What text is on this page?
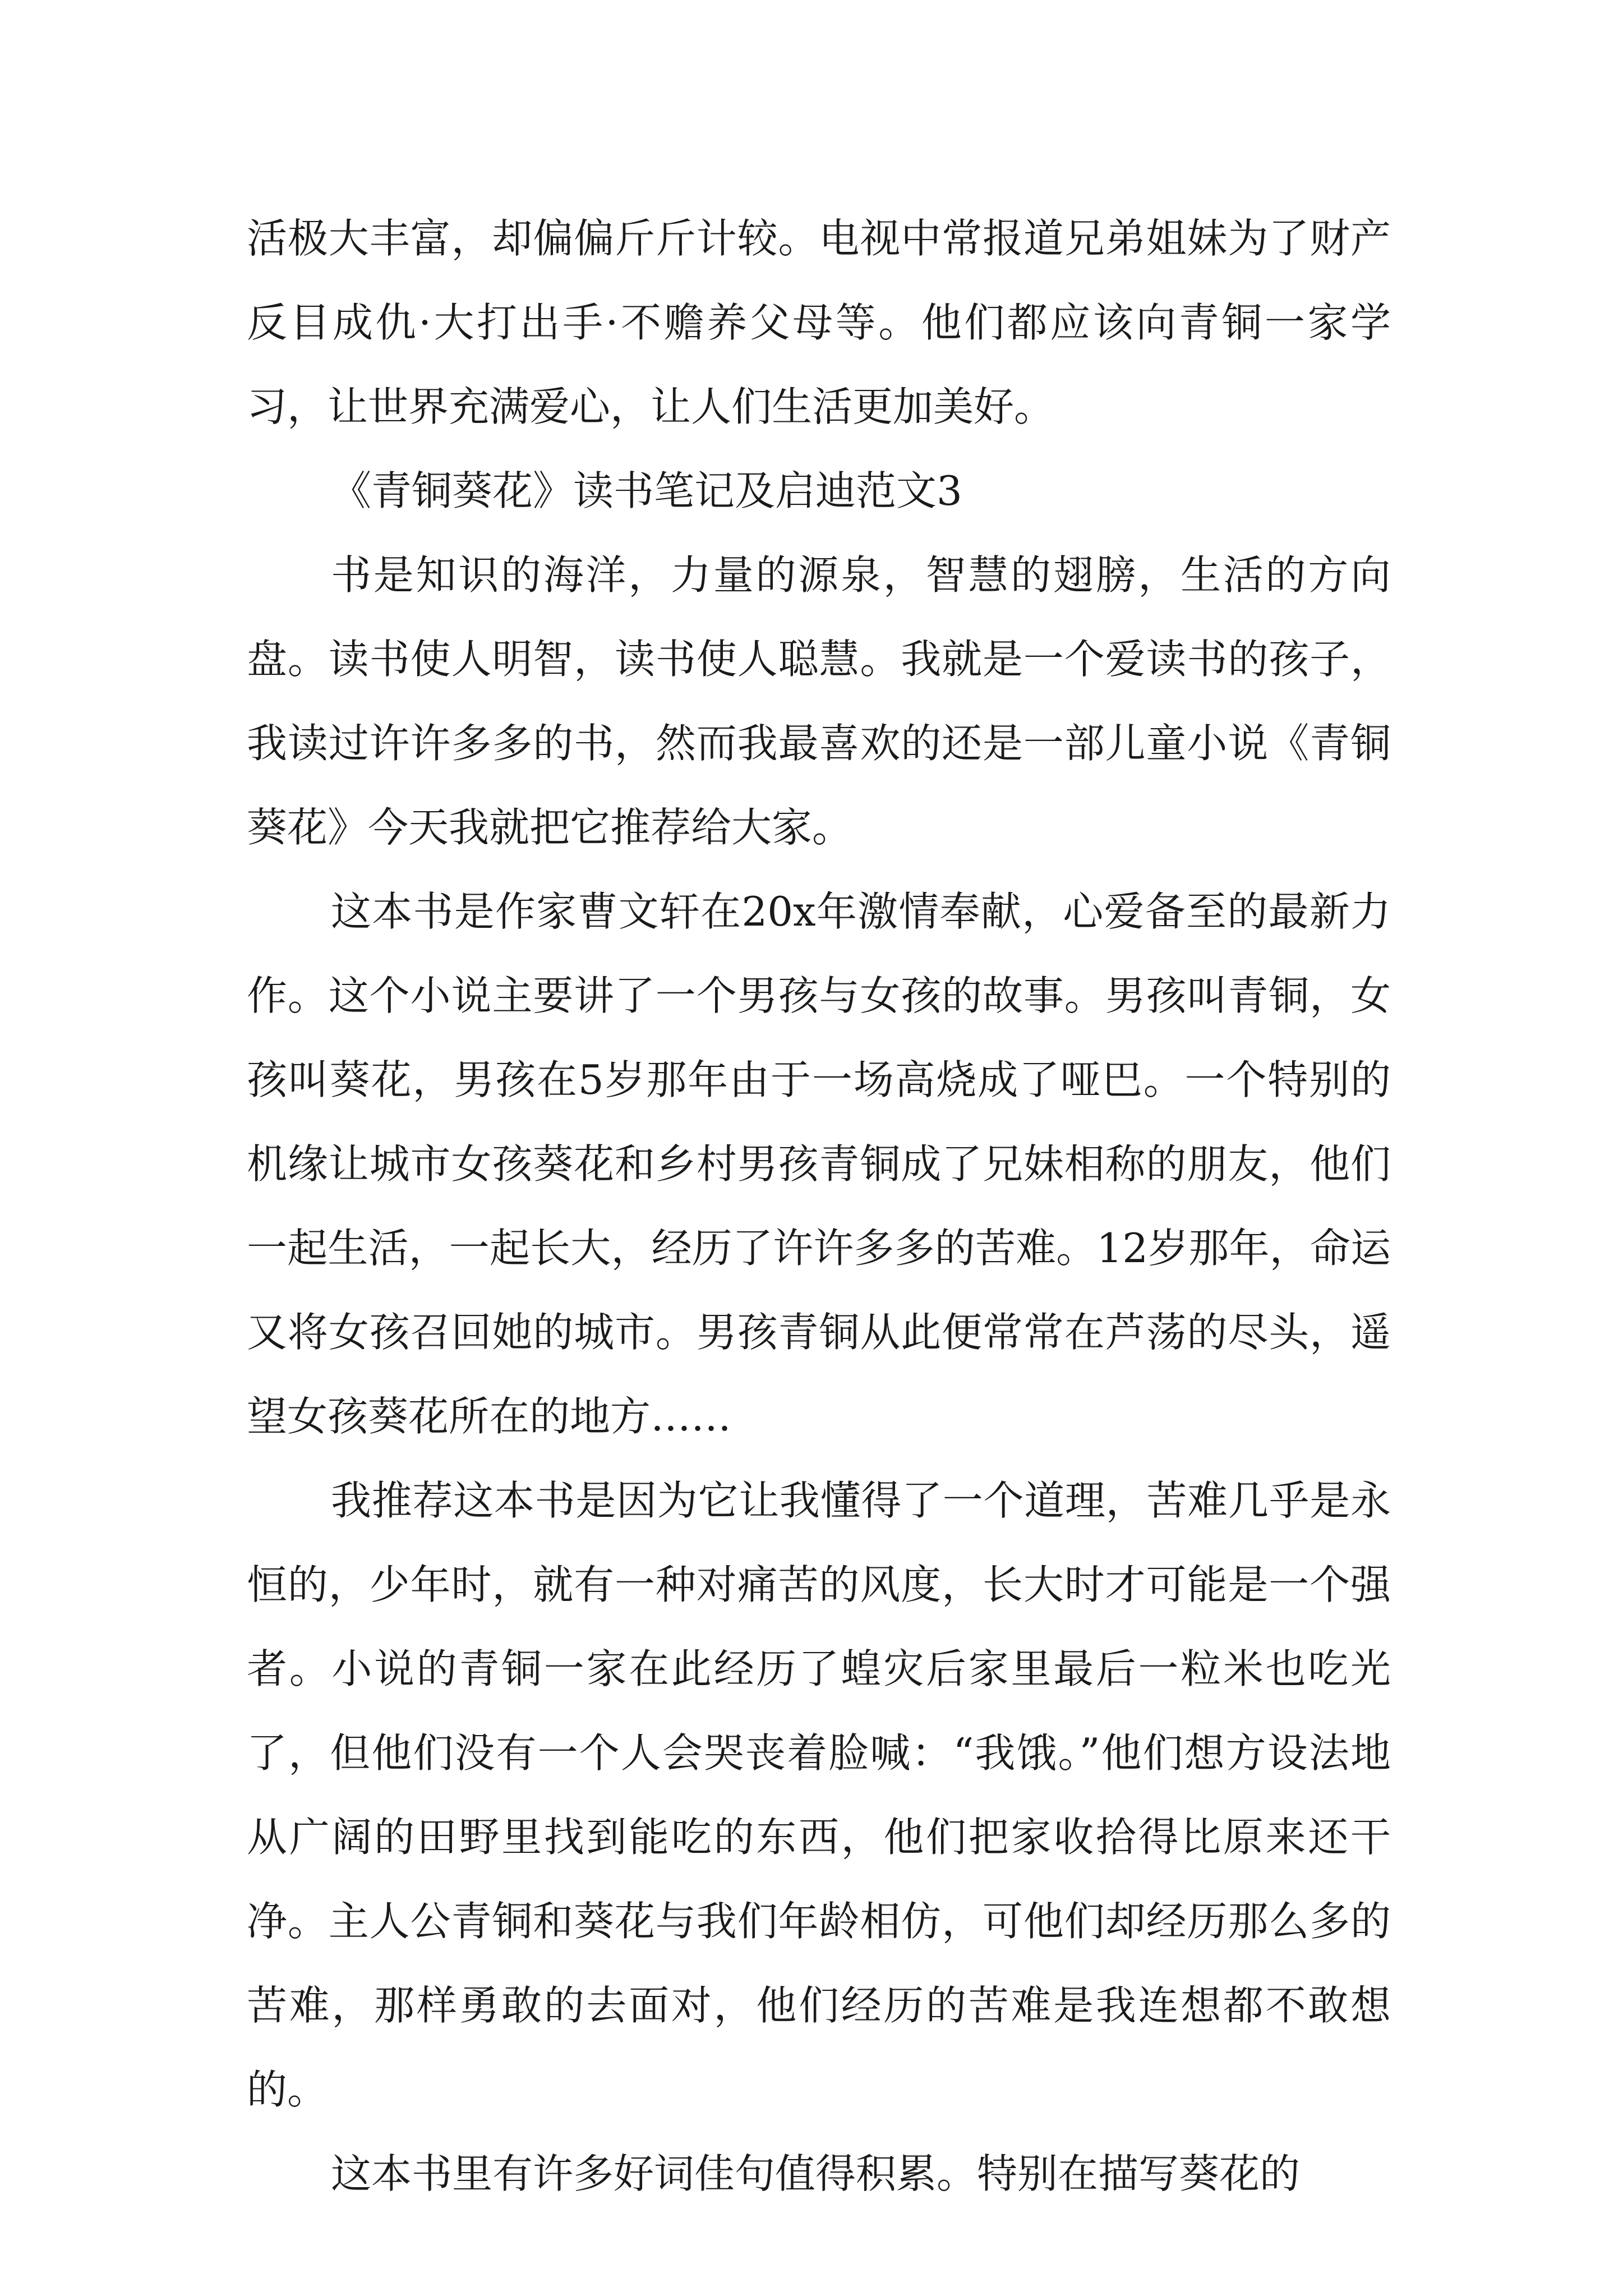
活极大丰富，却偏偏斤斤计较。电视中常报道兄弟姐妹为了财产反目成仇·大打出手·不赡养父母等。他们都应该向青铜一家学习，让世界充满爱心，让人们生活更加美好。

《青铜葵花》读书笔记及启迪范文3

书是知识的海洋，力量的源泉，智慧的翅膀，生活的方向盘。读书使人明智，读书使人聪慧。我就是一个爱读书的孩子，我读过许许多多的书，然而我最喜欢的还是一部儿童小说《青铜葵花》今天我就把它推荐给大家。

这本书是作家曹文轩在20x年激情奉献，心爱备至的最新力作。这个小说主要讲了一个男孩与女孩的故事。男孩叫青铜，女孩叫葵花，男孩在5岁那年由于一场高烧成了哑巴。一个特别的机缘让城市女孩葵花和乡村男孩青铜成了兄妹相称的朋友，他们一起生活，一起长大，经历了许许多多的苦难。12岁那年，命运又将女孩召回她的城市。男孩青铜从此便常常在芦荡的尽头，遥望女孩葵花所在的地方……

我推荐这本书是因为它让我懂得了一个道理，苦难几乎是永恒的，少年时，就有一种对痛苦的风度，长大时才可能是一个强者。小说的青铜一家在此经历了蝗灾后家里最后一粒米也吃光了，但他们没有一个人会哭丧着脸喊：“我饿。”他们想方设法地从广阔的田野里找到能吃的东西，他们把家收拾得比原来还干净。主人公青铜和葵花与我们年龄相仿，可他们却经历那么多的苦难，那样勇敢的去面对，他们经历的苦难是我连想都不敢想的。

这本书里有许多好词佳句值得积累。特别在描写葵花的
